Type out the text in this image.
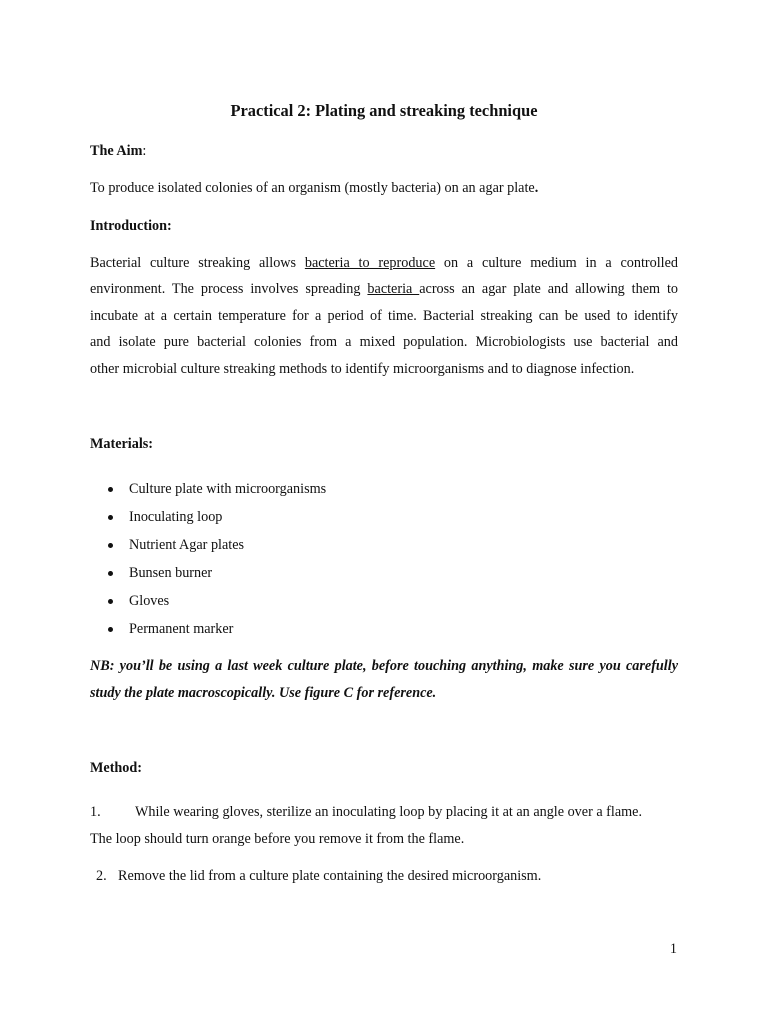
Practical 2: Plating and streaking technique

The Aim:

To produce isolated colonies of an organism (mostly bacteria) on an agar plate.

Introduction:

Bacterial culture streaking allows bacteria to reproduce on a culture medium in a controlled
environment. The process involves spreading bacteria across an agar plate and allowing them to
incubate at a certain temperature for a period of time. Bacterial streaking can be used to identify
and isolate pure bacterial colonies from a mixed population. Microbiologists use bacterial and
other microbial culture streaking methods to identify microorganisms and to diagnose infection.

Materials:

Culture plate with microorganisms
Inoculating loop
Nutrient Agar plates
Bunsen burner
Gloves
Permanent marker
NB: you’ll be using a last week culture plate, before touching anything, make sure you carefully
study the plate macroscopically. Use figure C for reference.

Method:

1. While wearing gloves, sterilize an inoculating loop by placing it at an angle over a flame.
The loop should turn orange before you remove it from the flame.
2. Remove the lid from a culture plate containing the desired microorganism.
1
